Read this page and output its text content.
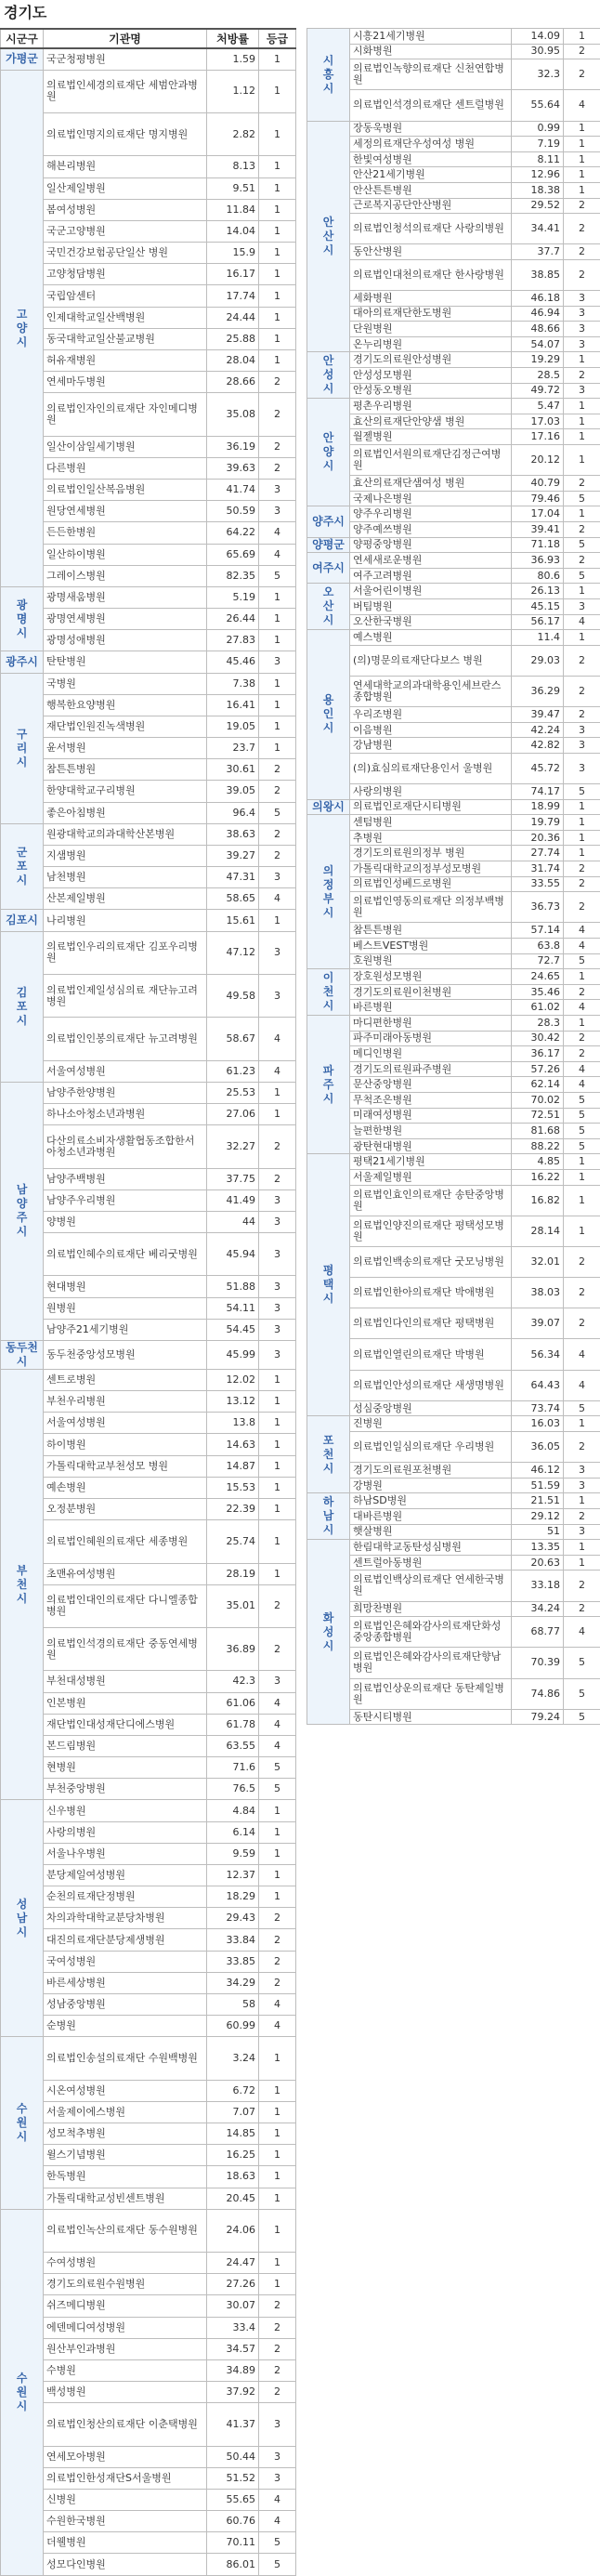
경기도
시군구	기관명	처방률	등급
가평군	국군청평병원	1.59	1
고양시	의료법인세경의료재단 세범안과병원	1.12	1
	의료법인명지의료재단 명지병원	2.82	1
	해븐리병원	8.13	1
	일산제일병원	9.51	1
	봄여성병원	11.84	1
	국군고양병원	14.04	1
	국민건강보험공단일산 병원	15.9	1
	고양청담병원	16.17	1
	국립암센터	17.74	1
	인제대학교일산백병원	24.44	1
	동국대학교일산불교병원	25.88	1
	허유재병원	28.04	1
	연세마두병원	28.66	2
	의료법인자인의료재단 자인메디병원	35.08	2
	일산이삼일세기병원	36.19	2
	다른병원	39.63	2
	의료법인일산복음병원	41.74	3
	원당연세병원	50.59	3
	든든한병원	64.22	4
	일산하이병원	65.69	4
	그레이스병원	82.35	5
광명시	광명새움병원	5.19	1
	광명연세병원	26.44	1
	광명성애병원	27.83	1
광주시	탄탄병원	45.46	3
구리시	국병원	7.38	1
	행복한요양병원	16.41	1
	재단법인원진녹색병원	19.05	1
	윤서병원	23.7	1
	참튼튼병원	30.61	2
	한양대학교구리병원	39.05	2
	좋은아침병원	96.4	5
군포시	원광대학교의과대학산본병원	38.63	2
	지샘병원	39.27	2
	남천병원	47.31	3
	산본제일병원	58.65	4
김포시	나리병원	15.61	1
김포시	의료법인우리의료재단 김포우리병원	47.12	3
	의료법인제일성심의료 재단뉴고려병원	49.58	3
	의료법인인봉의료재단 뉴고려병원	58.67	4
	서울여성병원	61.23	4
남양주시	남양주한양병원	25.53	1
	하나소아청소년과병원	27.06	1
	다산의료소비자생활협동조합한서아청소년과병원	32.27	2
	남양주백병원	37.75	2
	남양주우리병원	41.49	3
	양병원	44	3
	의료법인혜수의료재단 베리굿병원	45.94	3
	현대병원	51.88	3
	원병원	54.11	3
	남양주21세기병원	54.45	3
동두천시	동두천중앙성모병원	45.99	3
부천시	센트로병원	12.02	1
	부천우리병원	13.12	1
	서울여성병원	13.8	1
	하이병원	14.63	1
	가톨릭대학교부천성모 병원	14.87	1
	예손병원	15.53	1
	오정분병원	22.39	1
	의료법인혜원의료재단 세종병원	25.74	1
	초맨유여성병원	28.19	1
	의료법인대인의료재단 다니엘종합병원	35.01	2
	의료법인석경의료재단 중동연세병원	36.89	2
	부천대성병원	42.3	3
	인본병원	61.06	4
	재단법인대성재단디에스병원	61.78	4
	본드림병원	63.55	4
	현병원	71.6	5
	부천중앙병원	76.5	5
성남시	신우병원	4.84	1
	사랑의병원	6.14	1
	서울나우병원	9.59	1
	분당제일여성병원	12.37	1
	순천의료재단정병원	18.29	1
	차의과학대학교분당차병원	29.43	2
	대진의료재단분당제생병원	33.84	2
	국여성병원	33.85	2
	바른세상병원	34.29	2
	성남중앙병원	58	4
	순병원	60.99	4
수원시	의료법인송설의료재단 수원백병원	3.24	1
	시온여성병원	6.72	1
	서울제이에스병원	7.07	1
	성모척추병원	14.85	1
	윌스기념병원	16.25	1
	한독병원	18.63	1
	가톨릭대학교성빈센트병원	20.45	1
수원시	의료법인녹산의료재단 동수원병원	24.06	1
	수여성병원	24.47	1
	경기도의료원수원병원	27.26	1
	쉬즈메디병원	30.07	2
	에덴메디여성병원	33.4	2
	원산부인과병원	34.57	2
	수병원	34.89	2
	백성병원	37.92	2
	의료법인청산의료재단 이춘택병원	41.37	3
	연세모아병원	50.44	3
	의료법인한성재단S서울병원	51.52	3
	신병원	55.65	4
	수원한국병원	60.76	4
	더웰병원	70.11	5
	성모다인병원	86.01	5
시흥시	시흥21세기병원	14.09	1
	시화병원	30.95	2
	의료법인녹향의료재단 신천연합병원	32.3	2
	의료법인석경의료재단 센트럴병원	55.64	4
안산시	장동욱병원	0.99	1
	세정의료재단우성여성 병원	7.19	1
	한빛여성병원	8.11	1
	안산21세기병원	12.96	1
	안산튼튼병원	18.38	1
	근로복지공단안산병원	29.52	2
	의료법인청석의료재단 사랑의병원	34.41	2
	동안산병원	37.7	2
	의료법인대천의료재단 한사랑병원	38.85	2
	세화병원	46.18	3
	대아의료재단한도병원	46.94	3
	단원병원	48.66	3
	온누리병원	54.07	3
안성시	경기도의료원안성병원	19.29	1
	안성성모병원	28.5	2
	안성동오병원	49.72	3
안양시	평촌우리병원	5.47	1
	효산의료재단안양샘 병원	17.03	1
	월젤병원	17.16	1
	의료법인서원의료재단김정근여병원	20.12	1
	효산의료재단샘여성 병원	40.79	2
	국제나은병원	79.46	5
양주시	양주우리병원	17.04	1
	양주예쓰병원	39.41	2
양평군	양평중앙병원	71.18	5
여주시	연세새로운병원	36.93	2
	여주고려병원	80.6	5
오산시	서울어린이병원	26.13	1
	버팀병원	45.15	3
	오산한국병원	56.17	4
용인시	예스병원	11.4	1
	(의)명문의료재단다보스 병원	29.03	2
	연세대학교의과대학용인세브란스종합병원	36.29	2
	우리조병원	39.47	2
	이음병원	42.24	3
	강남병원	42.82	3
	(의)효심의료재단용인서 울병원	45.72	3
	사랑의병원	74.17	5
의왕시	의료법인로재단시티병원	18.99	1
의정부시	센텀병원	19.79	1
	추병원	20.36	1
	경기도의료원의정부 병원	27.74	1
	가톨릭대학교의정부성모병원	31.74	2
	의료법인성베드로병원	33.55	2
	의료법인영동의료재단 의정부백병원	36.73	2
	참튼튼병원	57.14	4
	베스트VEST병원	63.8	4
	호원병원	72.7	5
이천시	장호원성모병원	24.65	1
	경기도의료원이천병원	35.46	2
	바른병원	61.02	4
파주시	마디편한병원	28.3	1
	파주미래아동병원	30.42	2
	메디인병원	36.17	2
	경기도의료원파주병원	57.26	4
	문산중앙병원	62.14	4
	무척조은병원	70.02	5
	미래여성병원	72.51	5
	늘편한병원	81.68	5
	광탄현대병원	88.22	5
평택시	평택21세기병원	4.85	1
	서울제일병원	16.22	1
	의료법인효인의료재단 송탄중앙병원	16.82	1
	의료법인양진의료재단 평택성모병원	28.14	1
	의료법인백송의료재단 굿모닝병원	32.01	2
	의료법인한아의료재단 박애병원	38.03	2
	의료법인다인의료재단 평택병원	39.07	2
	의료법인열린의료재단 박병원	56.34	4
	의료법인안성의료재단 새생명병원	64.43	4
	성심중앙병원	73.74	5
포천시	진병원	16.03	1
	의료법인일심의료재단 우리병원	36.05	2
	경기도의료원포천병원	46.12	3
	강병원	51.59	3
하남시	하남SD병원	21.51	1
	대바른병원	29.12	2
	햇살병원	51	3
화성시	한림대학교동탄성심병원	13.35	1
	센트럴아동병원	20.63	1
	의료법인백상의료재단 연세한국병원	33.18	2
	희망찬병원	34.24	2
	의료법인은혜와감사의료재단화성중앙종합병원	68.77	4
	의료법인은혜와감사의료재단향남병원	70.39	5
	의료법인상운의료재단 동탄제일병원	74.86	5
	동탄시티병원	79.24	5
